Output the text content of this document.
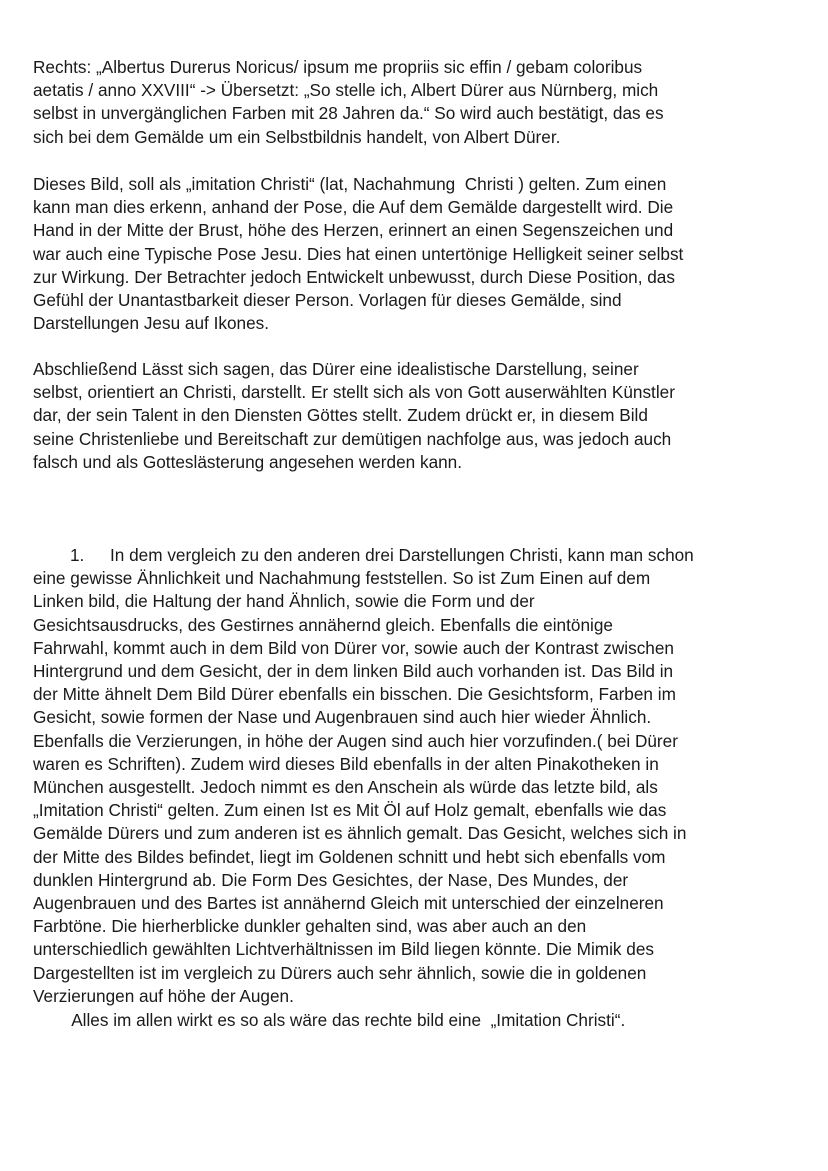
Rechts: „Albertus Durerus Noricus/ ipsum me propriis sic effin / gebam coloribus
aetatis / anno XXVIII“ -> Übersetzt: „So stelle ich, Albert Dürer aus Nürnberg, mich
selbst in unvergänglichen Farben mit 28 Jahren da.“ So wird auch bestätigt, das es
sich bei dem Gemälde um ein Selbstbildnis handelt, von Albert Dürer.

Dieses Bild, soll als „imitation Christi“ (lat, Nachahmung  Christi ) gelten. Zum einen
kann man dies erkenn, anhand der Pose, die Auf dem Gemälde dargestellt wird. Die
Hand in der Mitte der Brust, höhe des Herzen, erinnert an einen Segenszeichen und
war auch eine Typische Pose Jesu. Dies hat einen untertönige Helligkeit seiner selbst
zur Wirkung. Der Betrachter jedoch Entwickelt unbewusst, durch Diese Position, das
Gefühl der Unantastbarkeit dieser Person. Vorlagen für dieses Gemälde, sind
Darstellungen Jesu auf Ikones.

Abschließend Lässt sich sagen, das Dürer eine idealistische Darstellung, seiner
selbst, orientiert an Christi, darstellt. Er stellt sich als von Gott auserwählten Künstler
dar, der sein Talent in den Diensten Göttes stellt. Zudem drückt er, in diesem Bild
seine Christenliebe und Bereitschaft zur demütigen nachfolge aus, was jedoch auch
falsch und als Gotteslästerung angesehen werden kann.

1. In dem vergleich zu den anderen drei Darstellungen Christi, kann man schon
eine gewisse Ähnlichkeit und Nachahmung feststellen. So ist Zum Einen auf dem
Linken bild, die Haltung der hand Ähnlich, sowie die Form und der
Gesichtsausdrucks, des Gestirnes annähernd gleich. Ebenfalls die eintönige
Fahrwahl, kommt auch in dem Bild von Dürer vor, sowie auch der Kontrast zwischen
Hintergrund und dem Gesicht, der in dem linken Bild auch vorhanden ist. Das Bild in
der Mitte ähnelt Dem Bild Dürer ebenfalls ein bisschen. Die Gesichtsform, Farben im
Gesicht, sowie formen der Nase und Augenbrauen sind auch hier wieder Ähnlich.
Ebenfalls die Verzierungen, in höhe der Augen sind auch hier vorzufinden.( bei Dürer
waren es Schriften). Zudem wird dieses Bild ebenfalls in der alten Pinakotheken in
München ausgestellt. Jedoch nimmt es den Anschein als würde das letzte bild, als
„Imitation Christi“ gelten. Zum einen Ist es Mit Öl auf Holz gemalt, ebenfalls wie das
Gemälde Dürers und zum anderen ist es ähnlich gemalt. Das Gesicht, welches sich in
der Mitte des Bildes befindet, liegt im Goldenen schnitt und hebt sich ebenfalls vom
dunklen Hintergrund ab. Die Form Des Gesichtes, der Nase, Des Mundes, der
Augenbrauen und des Bartes ist annähernd Gleich mit unterschied der einzelneren
Farbtöne. Die hierherblicke dunkler gehalten sind, was aber auch an den
unterschiedlich gewählten Lichtverhältnissen im Bild liegen könnte. Die Mimik des
Dargestellten ist im vergleich zu Dürers auch sehr ähnlich, sowie die in goldenen
Verzierungen auf höhe der Augen.

Alles im allen wirkt es so als wäre das rechte bild eine  „Imitation Christi“.
